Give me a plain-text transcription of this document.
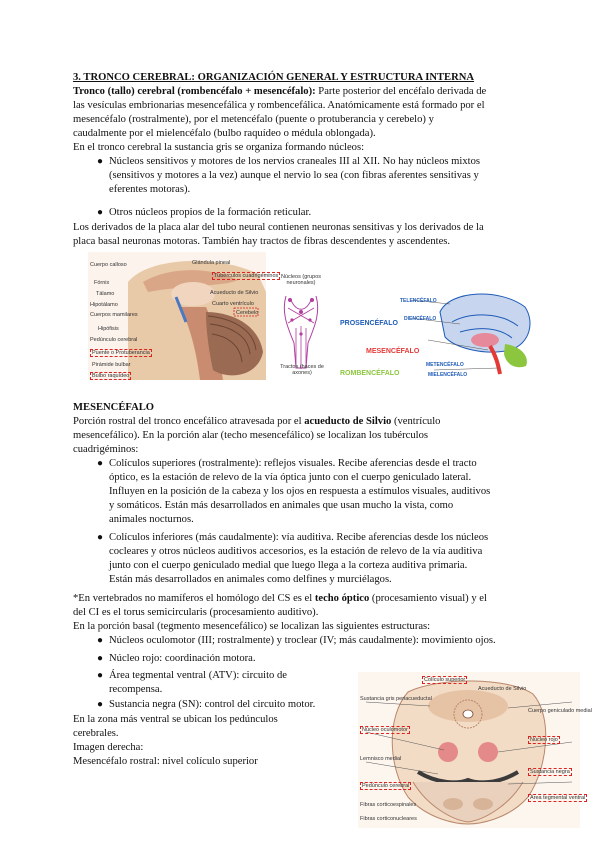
3. TRONCO CEREBRAL: ORGANIZACIÓN GENERAL Y ESTRUCTURA INTERNA
Tronco (tallo) cerebral (rombencéfalo + mesencéfalo): Parte posterior del encéfalo derivada de
las vesículas embrionarias mesencefálica y rombencefálica. Anatómicamente está formado por el
mesencéfalo (rostralmente), por el metencéfalo (puente o protuberancia y cerebelo) y
caudalmente por el mielencéfalo (bulbo raquídeo o médula oblongada).
En el tronco cerebral la sustancia gris se organiza formando núcleos:
● Núcleos sensitivos y motores de los nervios craneales III al XII. No hay núcleos mixtos
(sensitivos y motores a la vez) aunque el nervio lo sea (con fibras aferentes sensitivas y
eferentes motoras).
● Otros núcleos propios de la formación reticular.
Los derivados de la placa alar del tubo neural contienen neuronas sensitivas y los derivados de la
placa basal neuronas motoras. También hay tractos de fibras descendentes y ascendentes.
Cuerpo calloso
Fórnix
Tálamo
Hipotálamo
Cuerpos mamilares
Hipófisis
Pedúnculo cerebral
Puente o Protuberancia
Pirámide bulbar
Bulbo raquídeo
Glándula pineal
Tubérculos cuadrigéminos
Acueducto de Silvio
Cuarto ventrículo
Cerebelo
Núcleos (grupos neuronales)
Tractos (haces de axones)
TELENCÉFALO
PROSENCÉFALO
DIENCÉFALO
MESENCÉFALO
ROMBENCÉFALO
METENCÉFALO
MIELENCÉFALO
MESENCÉFALO
Porción rostral del tronco encefálico atravesada por el acueducto de Silvio (ventrículo
mesencefálico). En la porción alar (techo mesencefálico) se localizan los tubérculos
cuadrigéminos:
● Colículos superiores (rostralmente): reflejos visuales. Recibe aferencias desde el tracto
óptico, es la estación de relevo de la vía óptica junto con el cuerpo geniculado lateral.
Influyen en la posición de la cabeza y los ojos en respuesta a estímulos visuales, auditivos
y somáticos. Están más desarrollados en animales que usan mucho la vista, como
animales nocturnos.
● Colículos inferiores (más caudalmente): vía auditiva. Recibe aferencias desde los núcleos
cocleares y otros núcleos auditivos accesorios, es la estación de relevo de la vía auditiva
junto con el cuerpo geniculado medial que luego llega a la corteza auditiva primaria.
Están más desarrollados en animales como delfines y murciélagos.
*En vertebrados no mamíferos el homólogo del CS es el techo óptico (procesamiento visual) y el
del CI es el torus semicircularis (procesamiento auditivo).
En la porción basal (tegmento mesencefálico) se localizan las siguientes estructuras:
● Núcleos oculomotor (III; rostralmente) y troclear (IV; más caudalmente): movimiento ojos.
● Núcleo rojo: coordinación motora.
● Área tegmental ventral (ATV): circuito de
recompensa.
● Sustancia negra (SN): control del circuito motor.
En la zona más ventral se ubican los pedúnculos
cerebrales.
Imagen derecha:
Mesencéfalo rostral: nivel colículo superior
Colículo superior
Acueducto de Silvio
Sustancia gris periacueductal
Núcleo oculomotor
Núcleo rojo
Lemnisco medial
Sustancia negra
Pedúnculo cerebral
Área tegmental ventral
Fibras corticoespinales
Cuerpo geniculado medial
Fibras corticonucleares
